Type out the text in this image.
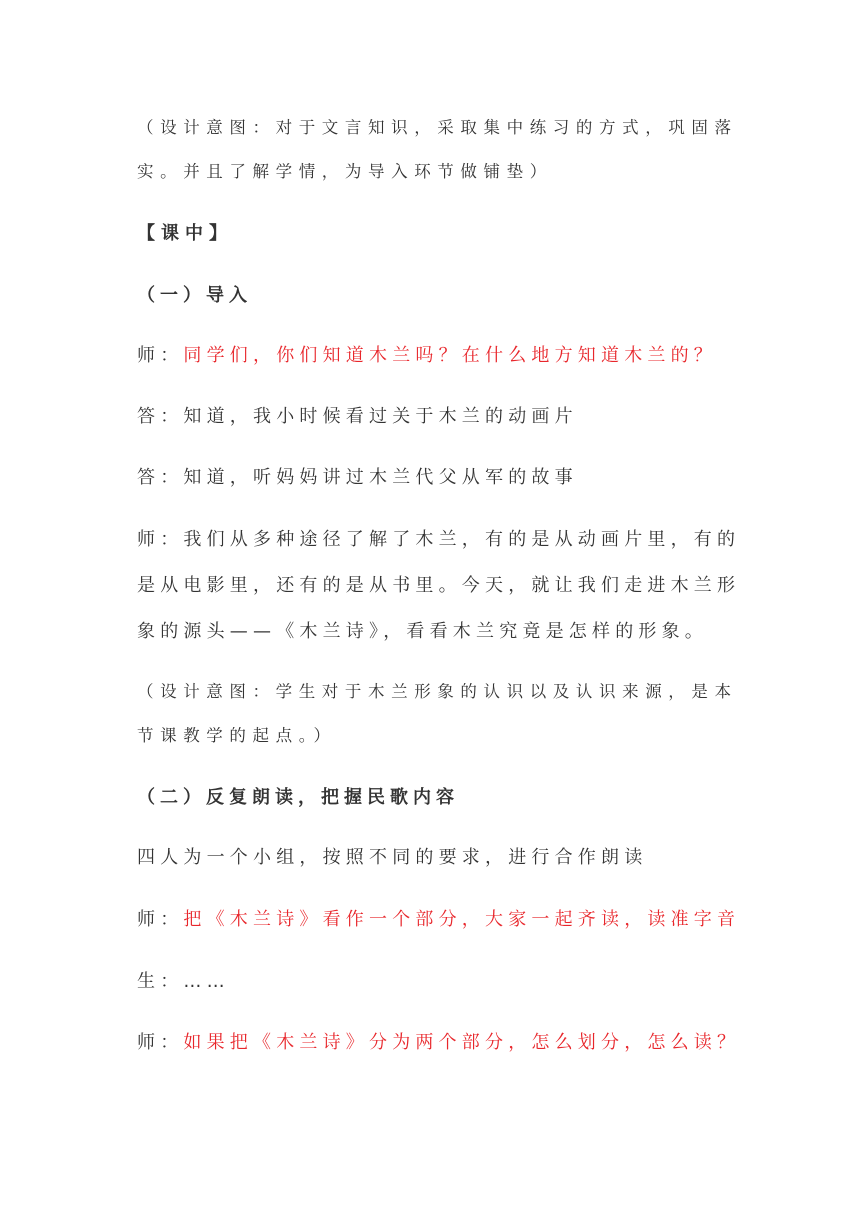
（设计意图：对于文言知识，采取集中练习的方式，巩固落
实。并且了解学情，为导入环节做铺垫）
【课中】
（一）导入
师：同学们，你们知道木兰吗？在什么地方知道木兰的？
答：知道，我小时候看过关于木兰的动画片
答：知道，听妈妈讲过木兰代父从军的故事
师：我们从多种途径了解了木兰，有的是从动画片里，有的
是从电影里，还有的是从书里。今天，就让我们走进木兰形
象的源头——《木兰诗》，看看木兰究竟是怎样的形象。
（设计意图：学生对于木兰形象的认识以及认识来源，是本
节课教学的起点。）
（二）反复朗读，把握民歌内容
四人为一个小组，按照不同的要求，进行合作朗读
师：把《木兰诗》看作一个部分，大家一起齐读，读准字音
生：……
师：如果把《木兰诗》分为两个部分，怎么划分，怎么读？
